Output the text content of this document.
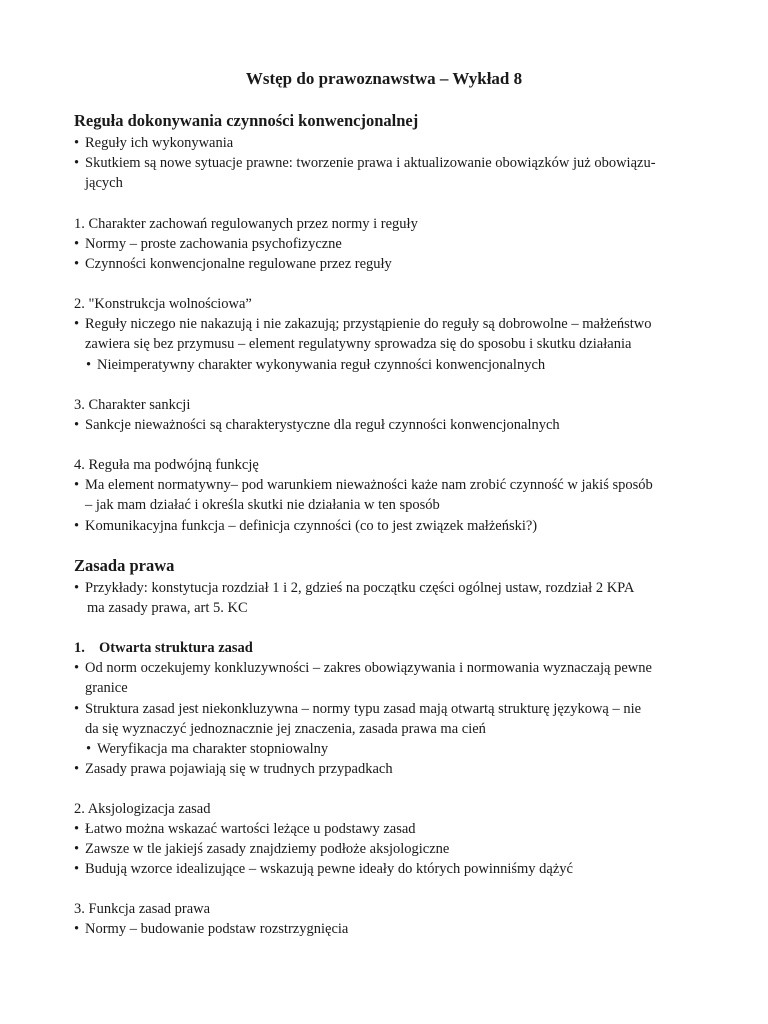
Wstęp do prawoznawstwa – Wykład 8
Reguła dokonywania czynności konwencjonalnej
• Reguły ich wykonywania
• Skutkiem są nowe sytuacje prawne: tworzenie prawa i aktualizowanie obowiązków już obowiązu-
jących
1. Charakter zachowań regulowanych przez normy i reguły
• Normy – proste zachowania psychofizyczne
• Czynności konwencjonalne regulowane przez reguły
2. "Konstrukcja wolnościowa”
• Reguły niczego nie nakazują i nie zakazują; przystąpienie do reguły są dobrowolne – małżeństwo
zawiera się bez przymusu – element regulatywny sprowadza się do sposobu i skutku działania
• Nieimperatywny charakter wykonywania reguł czynności konwencjonalnych
3. Charakter sankcji
• Sankcje nieważności są charakterystyczne dla reguł czynności konwencjonalnych
4. Reguła ma podwójną funkcję
• Ma element normatywny– pod warunkiem nieważności każe nam zrobić czynność w jakiś sposób
– jak mam działać i określa skutki nie działania w ten sposób
• Komunikacyjna funkcja – definicja czynności (co to jest związek małżeński?)
Zasada prawa
• Przykłady: konstytucja rozdział 1 i 2, gdzieś na początku części ogólnej ustaw, rozdział 2 KPA
ma zasady prawa, art 5. KC
1. Otwarta struktura zasad
• Od norm oczekujemy konkluzywności – zakres obowiązywania i normowania wyznaczają pewne
granice
• Struktura zasad jest niekonkluzywna – normy typu zasad mają otwartą strukturę językową – nie
da się wyznaczyć jednoznacznie jej znaczenia, zasada prawa ma cień
• Weryfikacja ma charakter stopniowalny
• Zasady prawa pojawiają się w trudnych przypadkach
2. Aksjologizacja zasad
• Łatwo można wskazać wartości leżące u podstawy zasad
• Zawsze w tle jakiejś zasady znajdziemy podłoże aksjologiczne
• Budują wzorce idealizujące – wskazują pewne ideały do których powinniśmy dążyć
3. Funkcja zasad prawa
• Normy – budowanie podstaw rozstrzygnięcia
